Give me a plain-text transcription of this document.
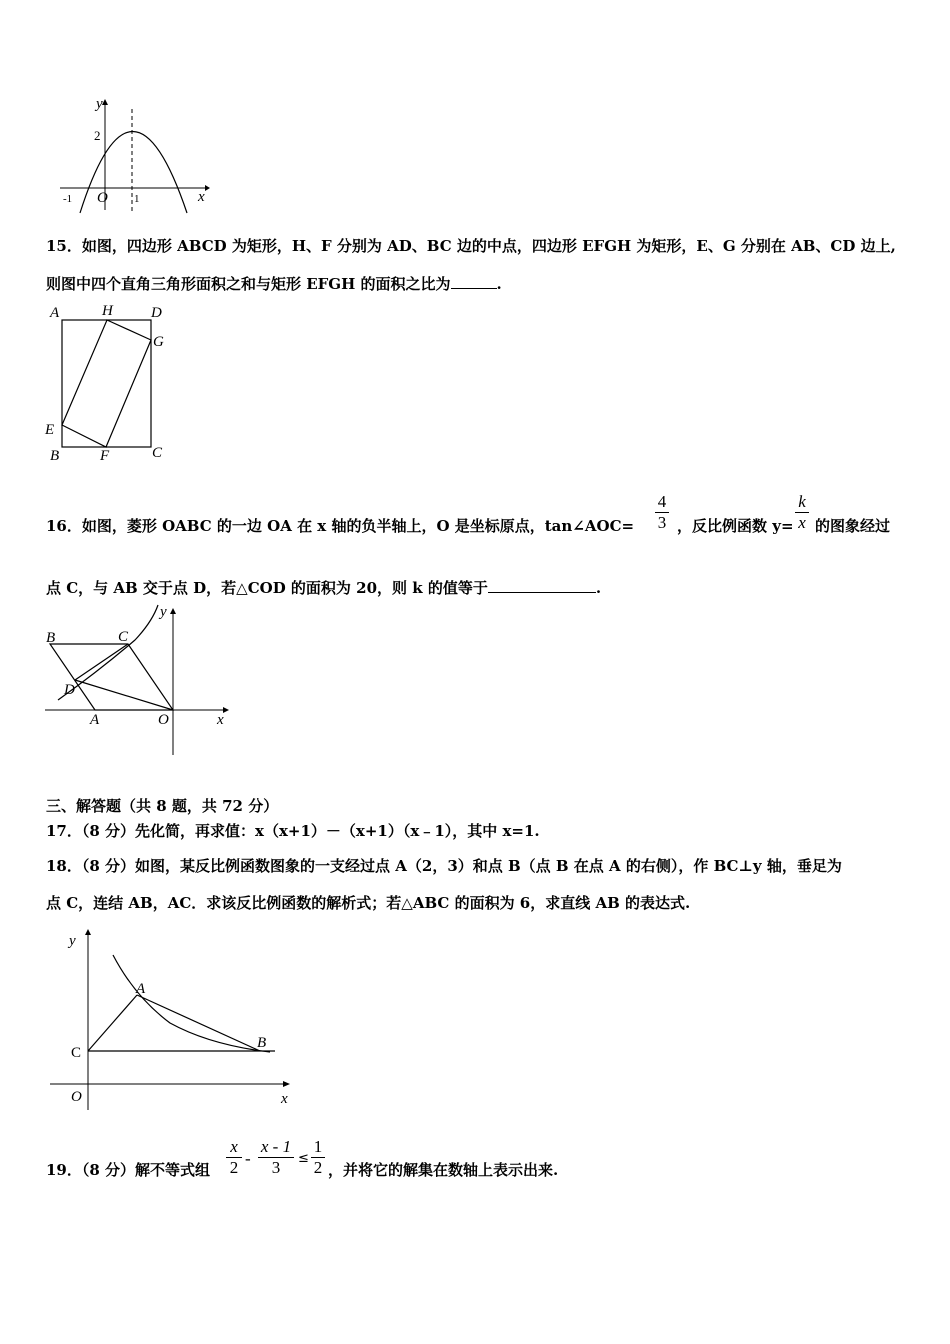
y
2
-1 O 1	x
15．如图，四边形 ABCD 为矩形，H、F 分别为 AD、BC 边的中点，四边形 EFGH 为矩形，E、G 分别在 AB、CD 边上,
则图中四个直角三角形面积之和与矩形 EFGH 的面积之比为	.
A	H	D
G
E
B	F	C
16．如图，菱形 OABC 的一边 OA 在 x 轴的负半轴上，O 是坐标原点，tan∠AOC=
4
3 ，反比例函数 y=
k
x 的图象经过
点 C，与 AB 交于点 D，若△COD 的面积为 20，则 k 的值等于	.
B	C
y
D
A	O	x
三、解答题（共 8 题，共 72 分）
17．（8 分）先化简，再求值：x（x+1）－（x+1）（x﹣1），其中 x=1.
18．（8 分）如图，某反比例函数图象的一支经过点 A（2，3）和点 B（点 B 在点 A 的右侧），作 BC⊥y 轴，垂足为
点 C，连结 AB，AC．求该反比例函数的解析式；若△ABC 的面积为 6，求直线 AB 的表达式.
y
A
C
B
O	x
19．（8 分）解不等式组
x
2 -
x - 1
3	≤
1
2 ，并将它的解集在数轴上表示出来.
